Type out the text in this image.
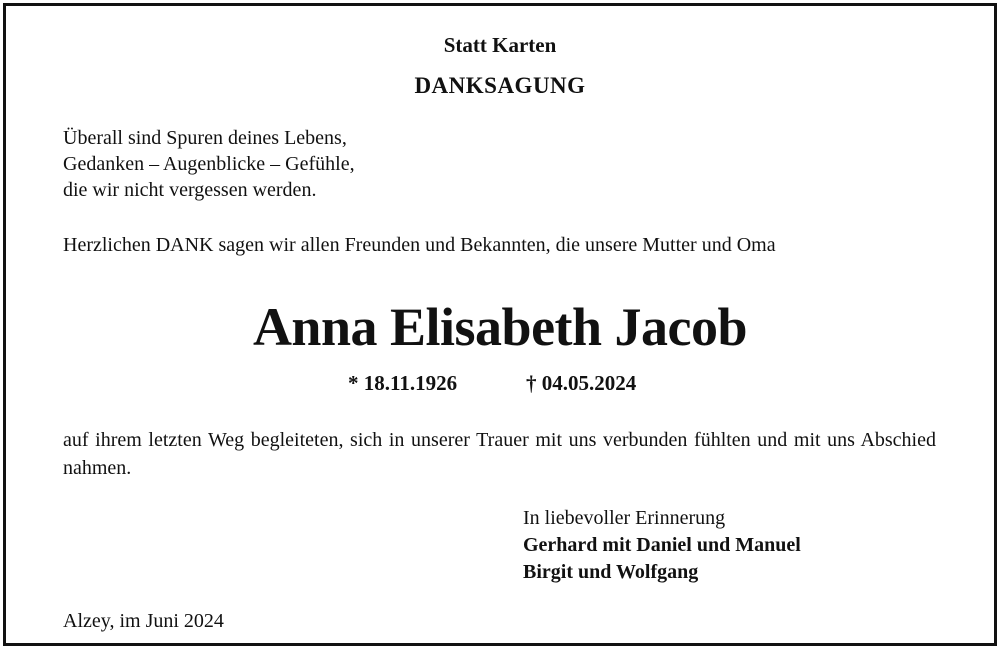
Statt Karten
DANKSAGUNG
Überall sind Spuren deines Lebens,
Gedanken – Augenblicke – Gefühle,
die wir nicht vergessen werden.
Herzlichen DANK sagen wir allen Freunden und Bekannten, die unsere Mutter und Oma
Anna Elisabeth Jacob
* 18.11.1926	† 04.05.2024
auf ihrem letzten Weg begleiteten, sich in unserer Trauer mit uns verbunden fühlten und mit uns Abschied nahmen.
In liebevoller Erinnerung
Gerhard mit Daniel und Manuel
Birgit und Wolfgang
Alzey, im Juni 2024
